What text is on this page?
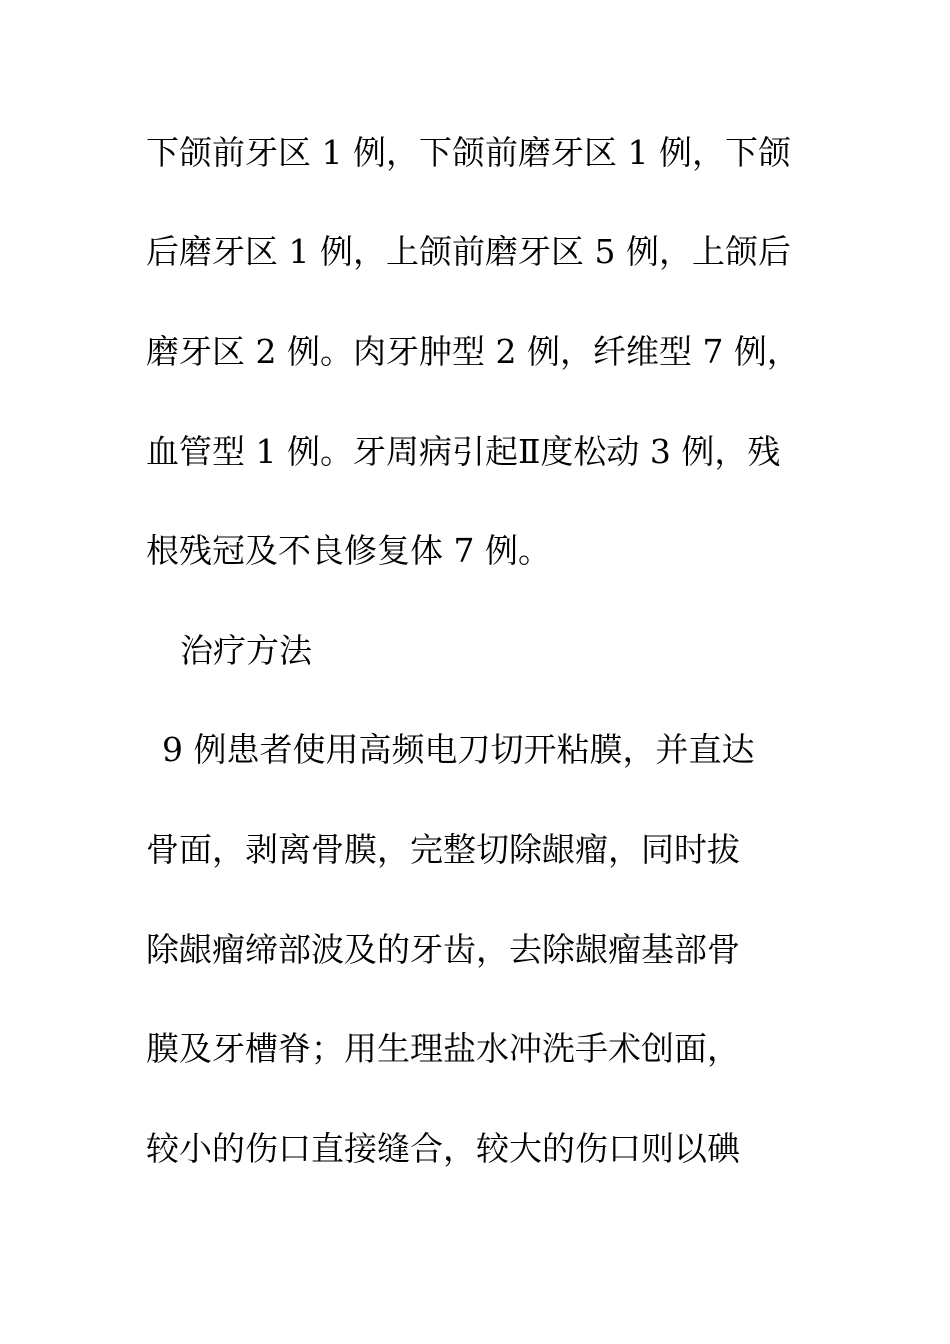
下颌前牙区 1 例，下颌前磨牙区 1 例，下颌

后磨牙区 1 例，上颌前磨牙区 5 例，上颌后

磨牙区 2 例。肉牙肿型 2 例，纤维型 7 例，

血管型 1 例。牙周病引起Ⅱ度松动 3 例，残

根残冠及不良修复体 7 例。

治疗方法

9 例患者使用高频电刀切开粘膜，并直达

骨面，剥离骨膜，完整切除龈瘤，同时拔

除龈瘤缔部波及的牙齿，去除龈瘤基部骨

膜及牙槽脊；用生理盐水冲洗手术创面，

较小的伤口直接缝合，较大的伤口则以碘
